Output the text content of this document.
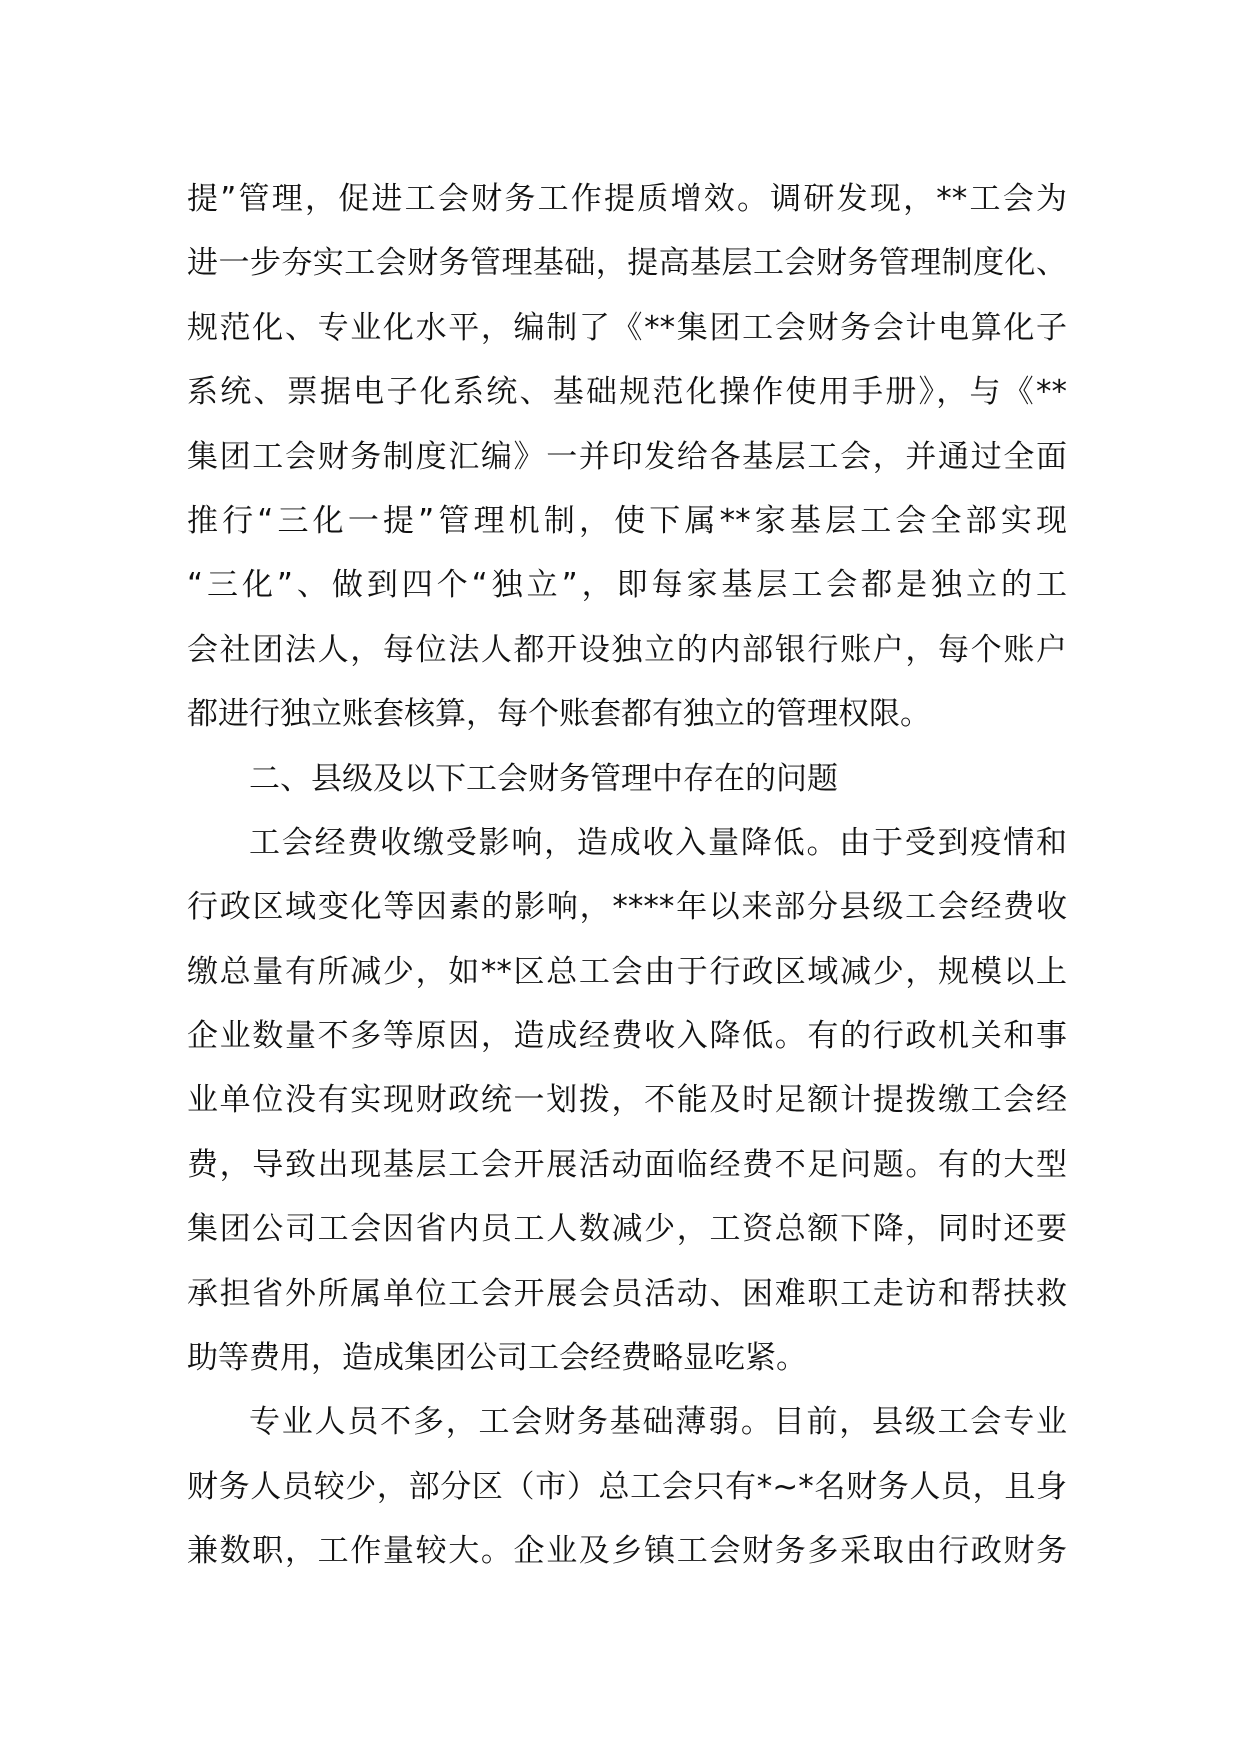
提”管理，促进工会财务工作提质增效。调研发现，**工会为
进一步夯实工会财务管理基础，提高基层工会财务管理制度化、
规范化、专业化水平，编制了《**集团工会财务会计电算化子
系统、票据电子化系统、基础规范化操作使用手册》，与《**
集团工会财务制度汇编》一并印发给各基层工会，并通过全面
推行“三化一提”管理机制，使下属**家基层工会全部实现
“三化”、做到四个“独立”，即每家基层工会都是独立的工
会社团法人，每位法人都开设独立的内部银行账户，每个账户
都进行独立账套核算，每个账套都有独立的管理权限。
二、县级及以下工会财务管理中存在的问题
工会经费收缴受影响，造成收入量降低。由于受到疫情和
行政区域变化等因素的影响，****年以来部分县级工会经费收
缴总量有所减少，如**区总工会由于行政区域减少，规模以上
企业数量不多等原因，造成经费收入降低。有的行政机关和事
业单位没有实现财政统一划拨，不能及时足额计提拨缴工会经
费，导致出现基层工会开展活动面临经费不足问题。有的大型
集团公司工会因省内员工人数减少，工资总额下降，同时还要
承担省外所属单位工会开展会员活动、困难职工走访和帮扶救
助等费用，造成集团公司工会经费略显吃紧。
专业人员不多，工会财务基础薄弱。目前，县级工会专业
财务人员较少，部分区（市）总工会只有*~*名财务人员，且身
兼数职，工作量较大。企业及乡镇工会财务多采取由行政财务
